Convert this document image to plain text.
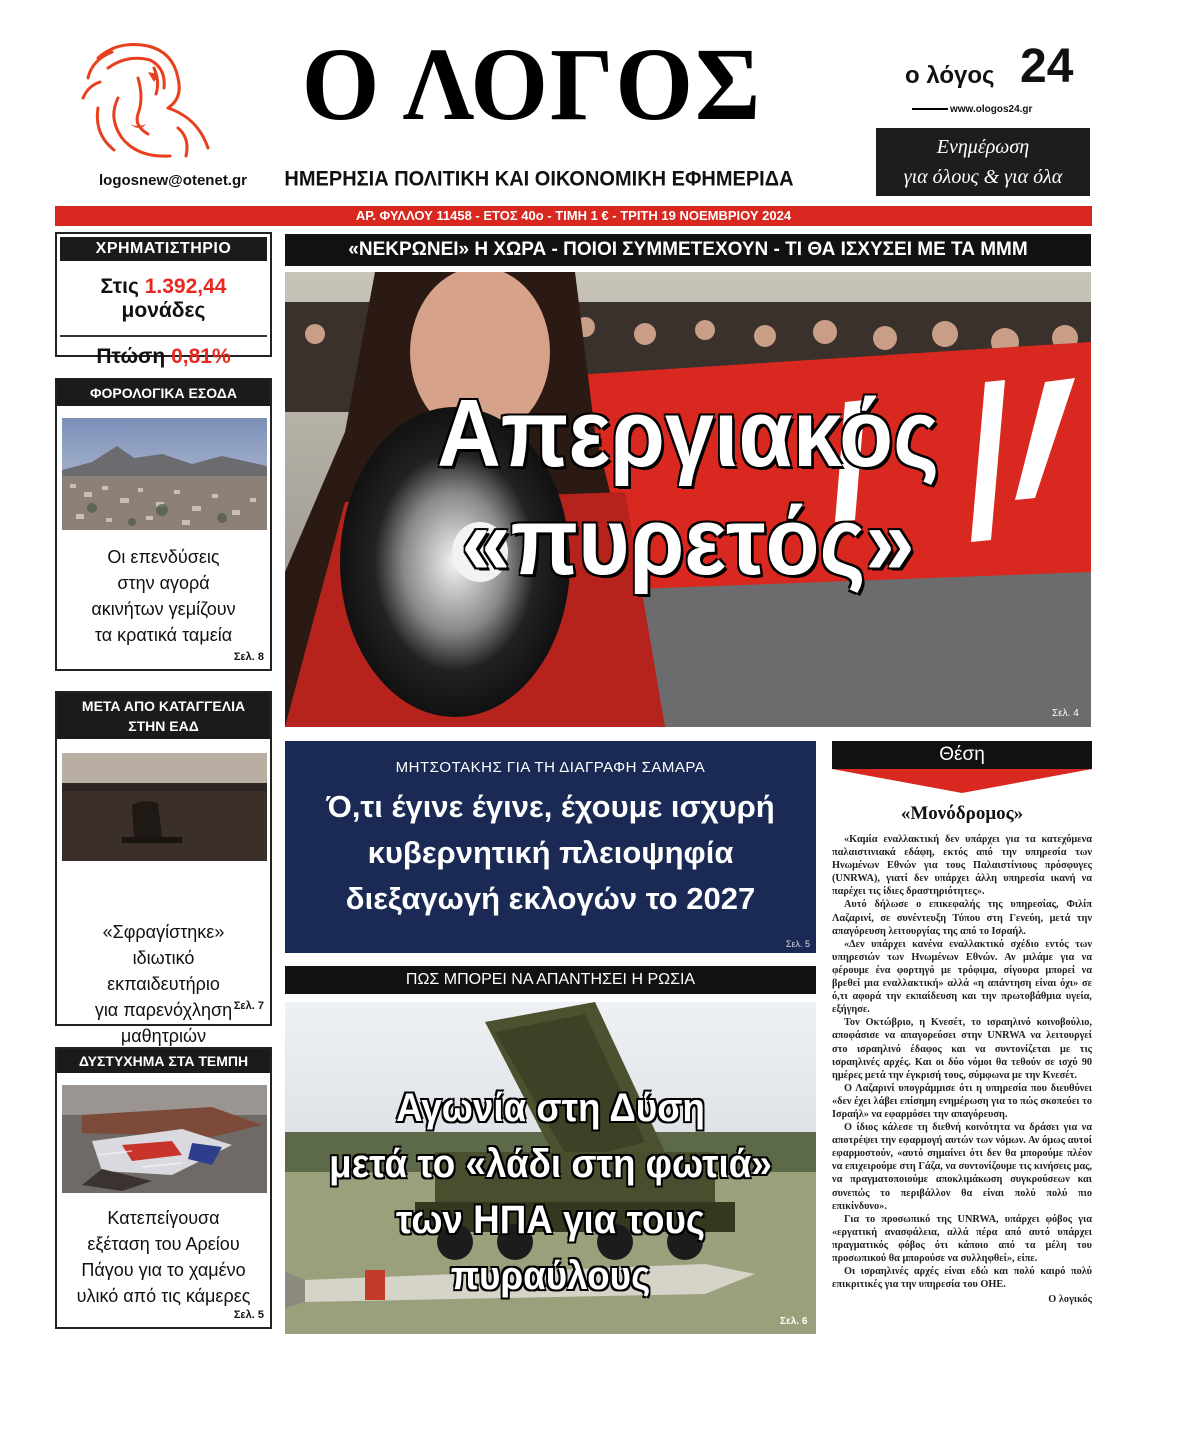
logosnew@otenet.gr
Ο ΛΟΓΟΣ
ΗΜΕΡΗΣΙΑ ΠΟΛΙΤΙΚΗ ΚΑΙ ΟΙΚΟΝΟΜΙΚΗ ΕΦΗΜΕΡΙΔΑ
ο λόγος 24
www.ologos24.gr
Ενημέρωση
για όλους & για όλα
ΑΡ. ΦΥΛΛΟΥ 11458 - ΕΤΟΣ 40ο - ΤΙΜΗ 1 € - ΤΡΙΤΗ 19 ΝΟΕΜΒΡΙΟΥ 2024
ΧΡΗΜΑΤΙΣΤΗΡΙΟ
Στις 1.392,44 μονάδες
Πτώση 0,81%
ΦΟΡΟΛΟΓΙΚΑ ΕΣΟΔΑ
Οι επενδύσεις
στην αγορά
ακινήτων γεμίζουν
τα κρατικά ταμεία
Σελ. 8
ΜΕΤΑ ΑΠΟ ΚΑΤΑΓΓΕΛΙΑ
ΣΤΗΝ ΕΑΔ
«Σφραγίστηκε»
ιδιωτικό
εκπαιδευτήριο
για παρενόχληση
μαθητριών
Σελ. 7
ΔΥΣΤΥΧΗΜΑ ΣΤΑ ΤΕΜΠΗ
Κατεπείγουσα
εξέταση του Αρείου
Πάγου για το χαμένο
υλικό από τις κάμερες
Σελ. 5
«ΝΕΚΡΩΝΕΙ» Η ΧΩΡΑ - ΠΟΙΟΙ ΣΥΜΜΕΤΕΧΟΥΝ - ΤΙ ΘΑ ΙΣΧΥΣΕΙ ΜΕ ΤΑ ΜΜΜ
Απεργιακός
«πυρετός»
Σελ. 4
ΜΗΤΣΟΤΑΚΗΣ ΓΙΑ ΤΗ ΔΙΑΓΡΑΦΗ ΣΑΜΑΡΑ
Ό,τι έγινε έγινε, έχουμε ισχυρή
κυβερνητική πλειοψηφία
διεξαγωγή εκλογών το 2027
Σελ. 5
ΠΩΣ ΜΠΟΡΕΙ ΝΑ ΑΠΑΝΤΗΣΕΙ Η ΡΩΣΙΑ
Αγωνία στη Δύση
μετά το «λάδι στη φωτιά»
των ΗΠΑ για τους πυραύλους
Σελ. 6
Θέση
«Μονόδρομος»

«Καμία εναλλακτική δεν υπάρχει για τα κατεχόμενα παλαιστινιακά εδάφη, εκτός από την υπηρεσία των Ηνωμένων Εθνών για τους Παλαιστίνιους πρόσφυγες (UNRWA), γιατί δεν υπάρχει άλλη υπηρεσία ικανή να παρέχει τις ίδιες δραστηριότητες».

Αυτό δήλωσε ο επικεφαλής της υπηρεσίας, Φιλίπ Λαζαρινί, σε συνέντευξη Τύπου στη Γενεύη, μετά την απαγόρευση λειτουργίας της από το Ισραήλ.

«Δεν υπάρχει κανένα εναλλακτικό σχέδιο εντός των υπηρεσιών των Ηνωμένων Εθνών. Αν μιλάμε για να φέρουμε ένα φορτηγό με τρόφιμα, σίγουρα μπορεί να βρεθεί μια εναλλακτική» αλλά «η απάντηση είναι όχι» σε ό,τι αφορά την εκπαίδευση και την πρωτοβάθμια υγεία, εξήγησε.

Τον Οκτώβριο, η Κνεσέτ, το ισραηλινό κοινοβούλιο, αποφάσισε να απαγορεύσει στην UNRWA να λειτουργεί στο ισραηλινό έδαφος και να συντονίζεται με τις ισραηλινές αρχές. Και οι δύο νόμοι θα τεθούν σε ισχύ 90 ημέρες μετά την έγκρισή τους, σύμφωνα με την Κνεσέτ.

Ο Λαζαρινί υπογράμμισε ότι η υπηρεσία που διευθύνει «δεν έχει λάβει επίσημη ενημέρωση για το πώς σκοπεύει το Ισραήλ» να εφαρμόσει την απαγόρευση.

Ο ίδιος κάλεσε τη διεθνή κοινότητα να δράσει για να αποτρέψει την εφαρμογή αυτών των νόμων. Αν όμως αυτοί εφαρμοστούν, «αυτό σημαίνει ότι δεν θα μπορούμε πλέον να επιχειρούμε στη Γάζα, να συντονίζουμε τις κινήσεις μας, να πραγματοποιούμε αποκλιμάκωση συγκρούσεων και συνεπώς το περιβάλλον θα είναι πολύ πολύ πιο επικίνδυνο».

Για το προσωπικό της UNRWA, υπάρχει φόβος για «εργατική ανασφάλεια, αλλά πέρα από αυτό υπάρχει πραγματικός φόβος ότι κάποιο από τα μέλη του προσωπικού θα μπορούσε να συλληφθεί», είπε.

Οι ισραηλινές αρχές είναι εδώ και πολύ καιρό πολύ επικριτικές για την υπηρεσία του ΟΗΕ.

Ο λογικός
